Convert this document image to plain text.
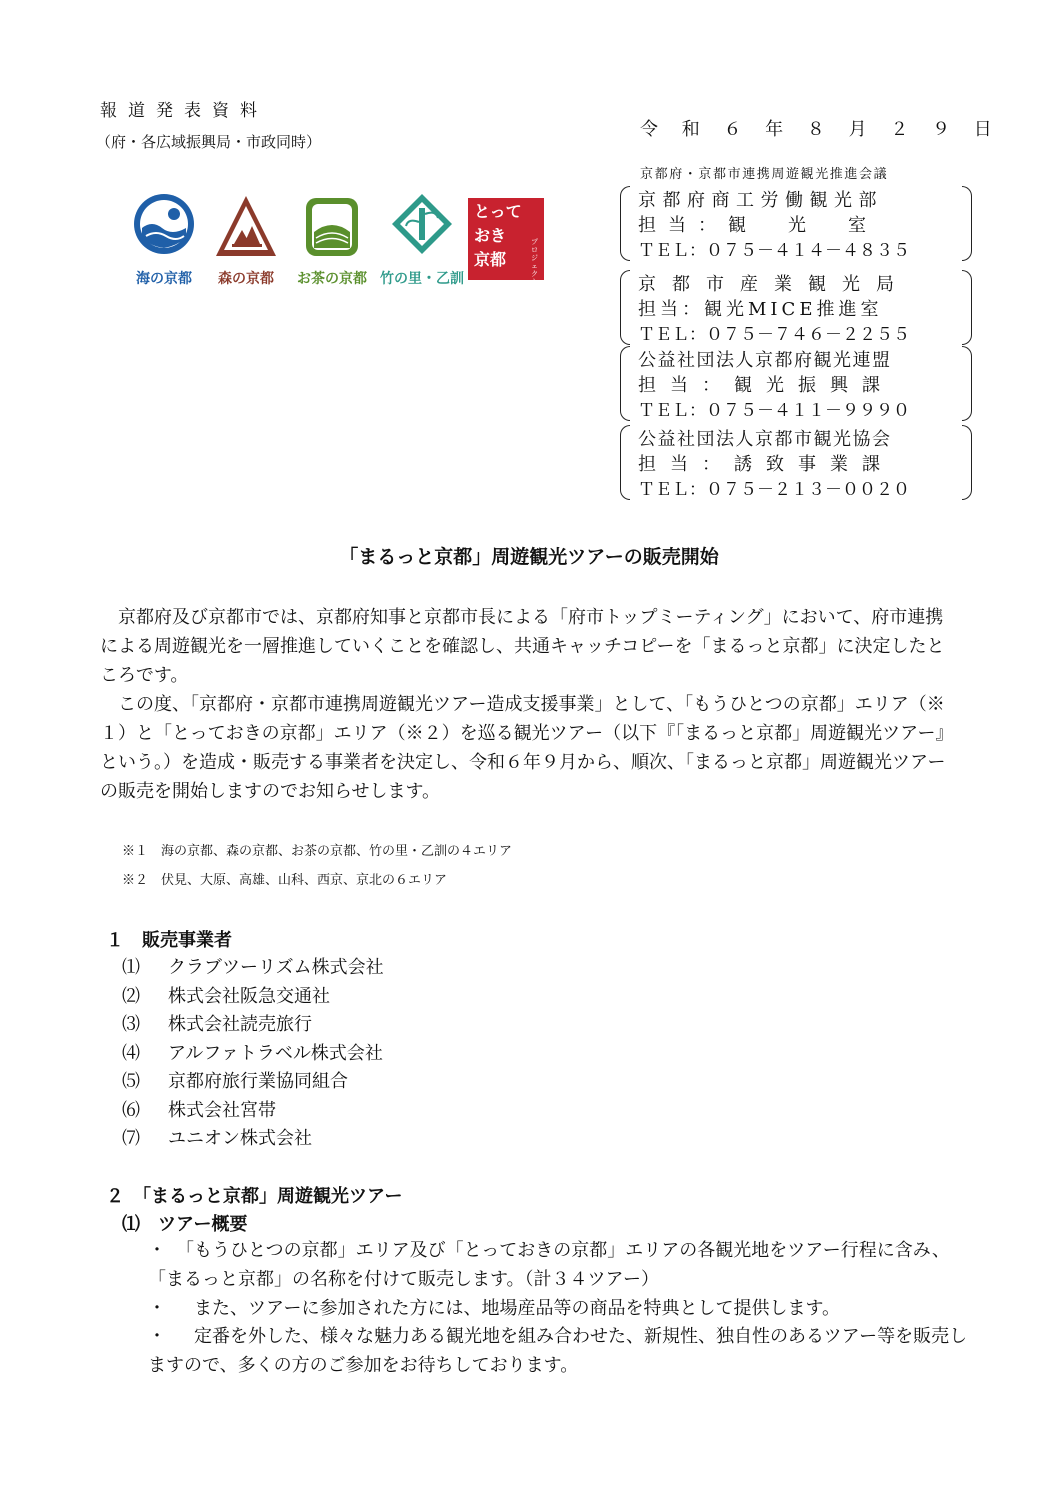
報道発表資料
（府・各広域振興局・市政同時）
令 和 ６ 年 ８ 月 ２ ９ 日
海の京都	森の京都	お茶の京都 竹の里・乙訓
とって
おき
京都
プロジェクト
京都府・京都市連携周遊観光推進会議
京都府商工労働観光部
担当：観　光　室
ＴＥＬ：０７５－４１４－４８３５
京都市産業観光局
担当：観光MICE推進室
ＴＥＬ：０７５－７４６－２２５５
公益社団法人京都府観光連盟
担当：観光振興課
ＴＥＬ：０７５－４１１－９９９０
公益社団法人京都市観光協会
担当：誘致事業課
ＴＥＬ：０７５－２１３－００２０
「まるっと京都」周遊観光ツアーの販売開始
　京都府及び京都市では、京都府知事と京都市長による「府市トップミーティング」において、府市連携による周遊観光を一層推進していくことを確認し、共通キャッチコピーを「まるっと京都」に決定したところです。
　この度、「京都府・京都市連携周遊観光ツアー造成支援事業」として、「もうひとつの京都」エリア（※１）と「とっておきの京都」エリア（※２）を巡る観光ツアー（以下『「まるっと京都」周遊観光ツアー』という。）を造成・販売する事業者を決定し、令和６年９月から、順次、「まるっと京都」周遊観光ツアーの販売を開始しますのでお知らせします。
※１　海の京都、森の京都、お茶の京都、竹の里・乙訓の４エリア
※２　伏見、大原、高雄、山科、西京、京北の６エリア
１　販売事業者
⑴ クラブツーリズム株式会社
⑵ 株式会社阪急交通社
⑶ 株式会社読売旅行
⑷ アルファトラベル株式会社
⑸ 京都府旅行業協同組合
⑹ 株式会社宮帯
⑺ ユニオン株式会社
２　「まるっと京都」周遊観光ツアー
⑴　ツアー概要
・ 「もうひとつの京都」エリア及び「とっておきの京都」エリアの各観光地をツアー行程に含み、「まるっと京都」の名称を付けて販売します。（計３４ツアー）
・　また、ツアーに参加された方には、地場産品等の商品を特典として提供します。
・　定番を外した、様々な魅力ある観光地を組み合わせた、新規性、独自性のあるツアー等を販売しますので、多くの方のご参加をお待ちしております。
